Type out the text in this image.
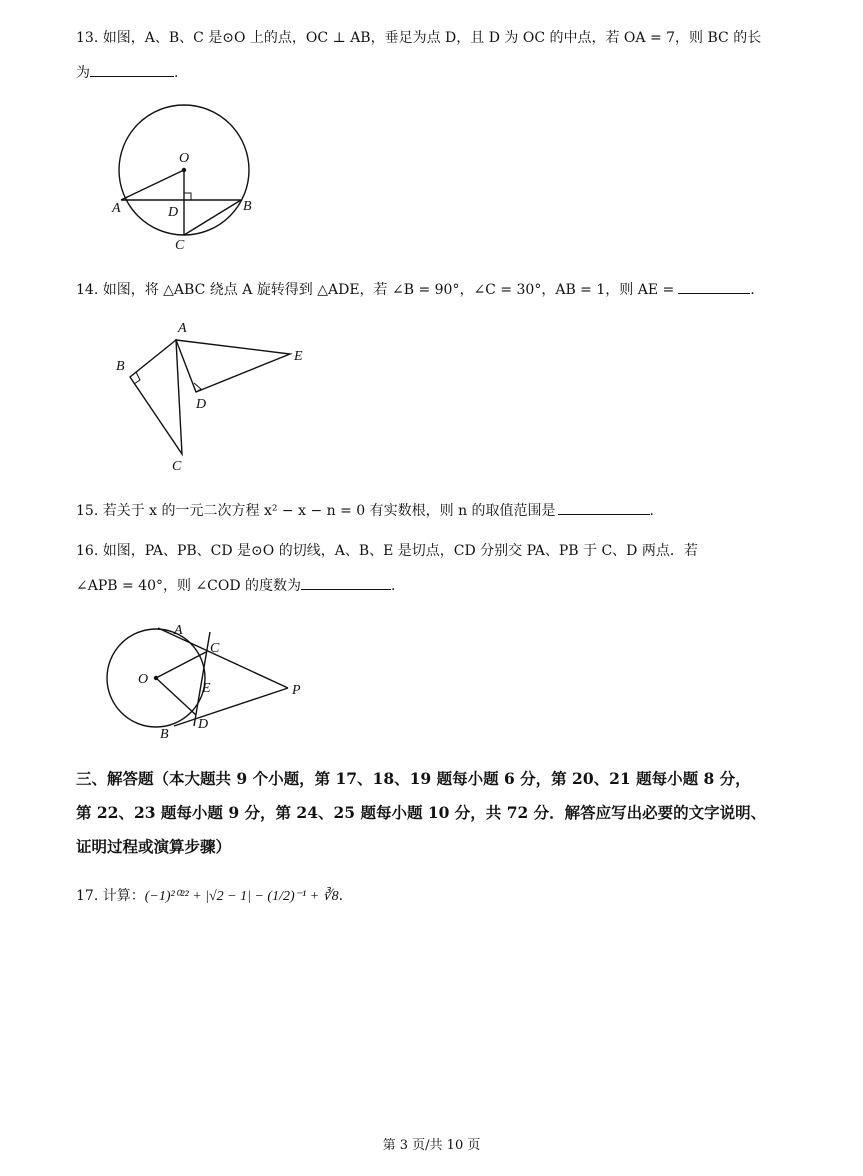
13. 如图，A、B、C 是⊙O 上的点，OC ⊥ AB，垂足为点 D，且 D 为 OC 的中点，若 OA = 7，则 BC 的长
为	.
O
A	B
C
D
14. 如图，将 △ABC 绕点 A 旋转得到 △ADE，若 ∠B = 90°，∠C = 30°，AB = 1，则 AE =	.
A
B
C
D
E
15. 若关于 x 的一元二次方程 x² − x − n = 0 有实数根，则 n 的取值范围是	.
16. 如图，PA、PB、CD 是⊙O 的切线，A、B、E 是切点，CD 分别交 PA、PB 于 C、D 两点．若
∠APB = 40°，则 ∠COD 的度数为	.
O
A
B
C
D
E	P
三、解答题（本大题共 9 个小题，第 17、18、19 题每小题 6 分，第 20、21 题每小题 8 分，
第 22、23 题每小题 9 分，第 24、25 题每小题 10 分，共 72 分．解答应写出必要的文字说明、
证明过程或演算步骤）
17. 计算：(−1)²⁰²² + |√2 − 1| − (1/2)⁻¹ + ∛8.
第 3 页/共 10 页
